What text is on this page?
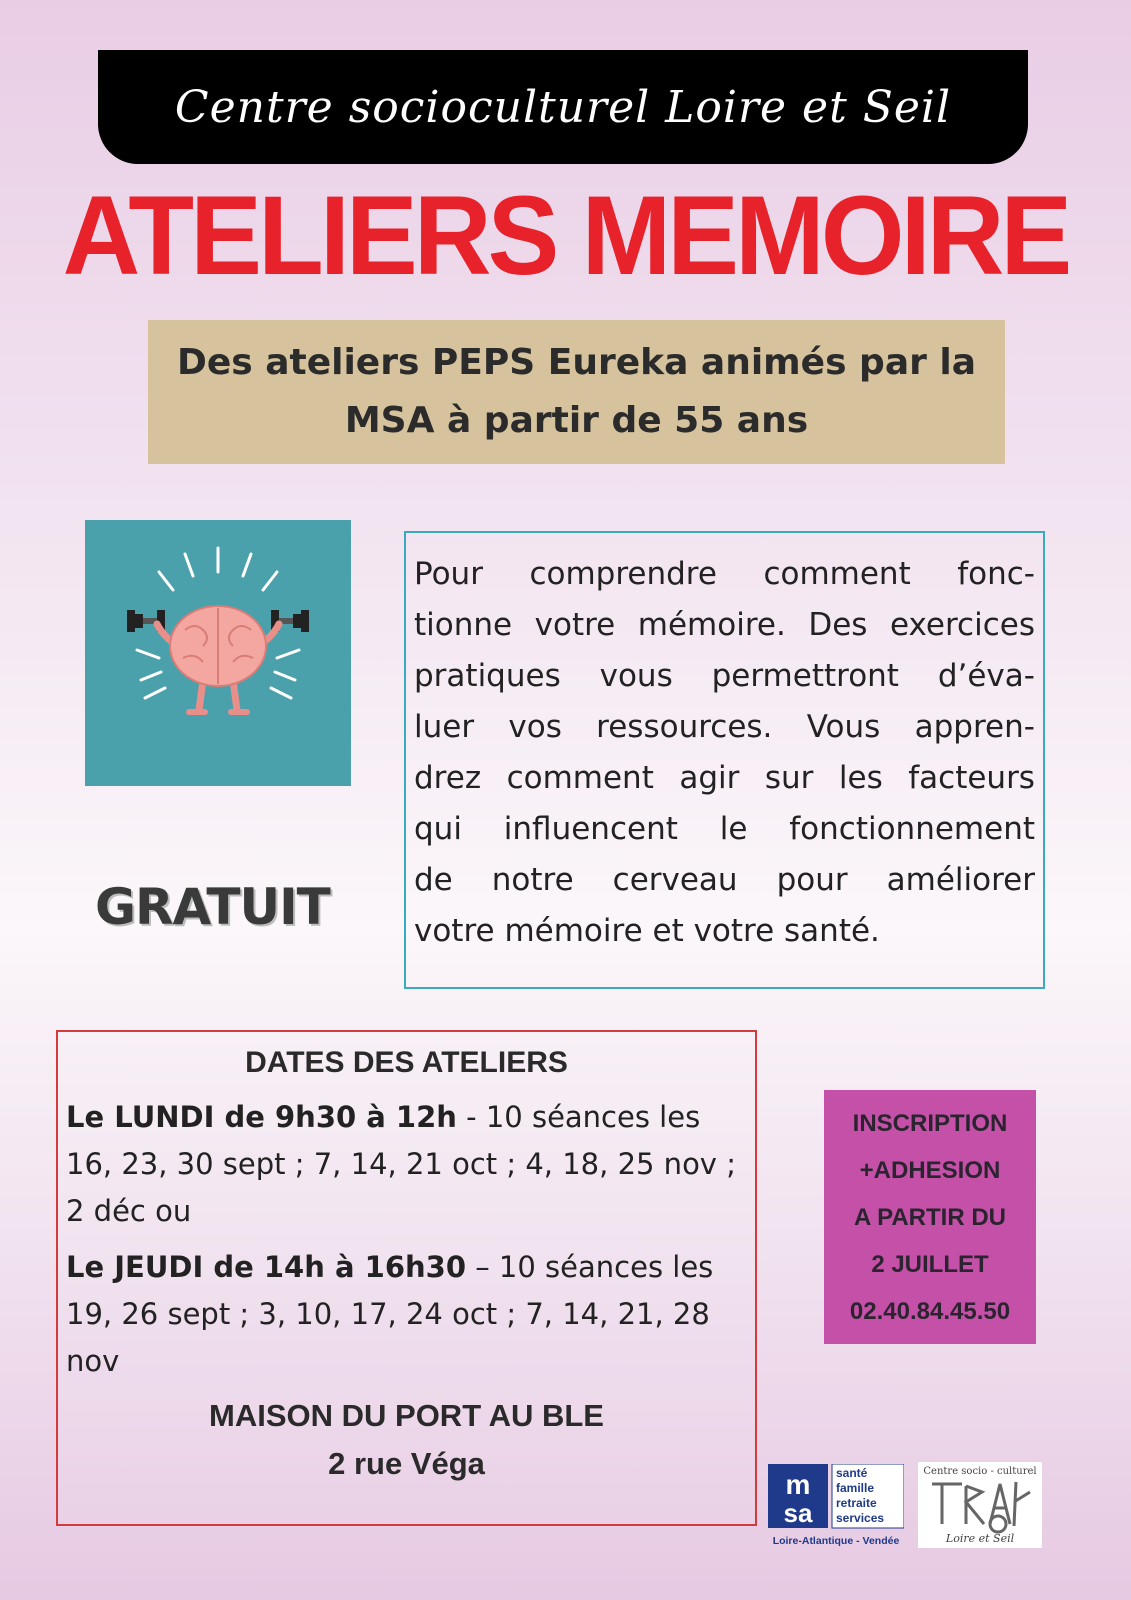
Centre socioculturel Loire et Seil
ATELIERS MEMOIRE
Des ateliers PEPS Eureka animés par la
MSA à partir de 55 ans
GRATUIT
Pour comprendre comment fonc-
tionne votre mémoire. Des exercices
pratiques vous permettront d’éva-
luer vos ressources. Vous appren-
drez comment agir sur les facteurs
qui influencent le fonctionnement
de notre cerveau pour améliorer
votre mémoire et votre santé.
DATES DES ATELIERS
Le LUNDI de 9h30 à 12h - 10 séances les 16, 23, 30 sept ; 7, 14, 21 oct ; 4, 18, 25 nov ; 2 déc ou
Le JEUDI de 14h à 16h30 – 10 séances les 19, 26 sept ; 3, 10, 17, 24 oct ; 7, 14, 21, 28 nov
MAISON DU PORT AU BLE
2 rue Véga
INSCRIPTION
+ADHESION
A PARTIR DU
2 JUILLET
02.40.84.45.50
m
sa
santé
famille
retraite
services
Loire-Atlantique - Vendée
Centre socio - culturel
Loire et Seil
